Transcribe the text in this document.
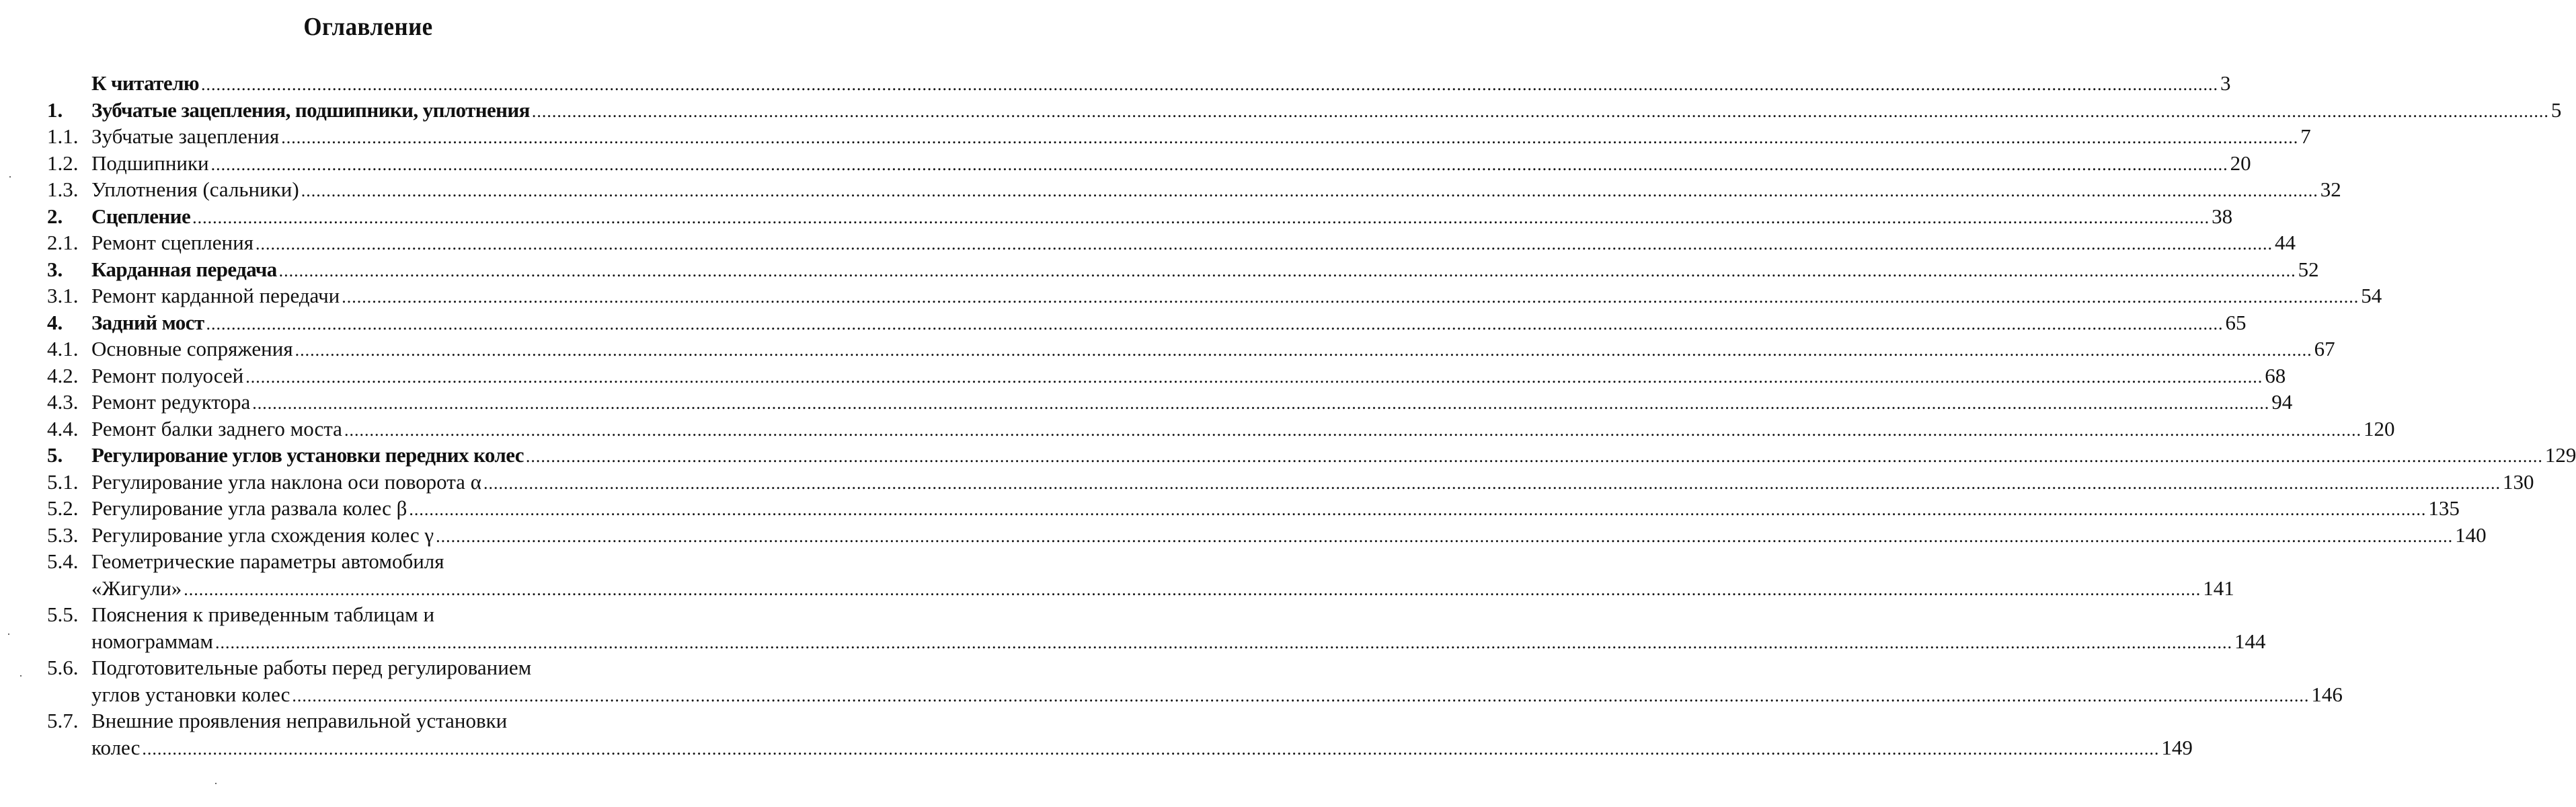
Оглавление
К читателю ................................................................................................................................................................................................................................................................................................................................................................................................................ 3
1.	Зубчатые зацепления, подшипники, уплотнения ................................................................................................................................................................................................................................................................................................................................................................................................................ 5
1.1. Зубчатые зацепления ................................................................................................................................................................................................................................................................................................................................................................................................................ 7
1.2. Подшипники ................................................................................................................................................................................................................................................................................................................................................................................................................ 20
1.3. Уплотнения (сальники) ................................................................................................................................................................................................................................................................................................................................................................................................................ 32
2.	Сцепление ................................................................................................................................................................................................................................................................................................................................................................................................................ 38
2.1. Ремонт сцепления ................................................................................................................................................................................................................................................................................................................................................................................................................ 44
3.	Карданная передача ................................................................................................................................................................................................................................................................................................................................................................................................................ 52
3.1. Ремонт карданной передачи ................................................................................................................................................................................................................................................................................................................................................................................................................ 54
4.	Задний мост ................................................................................................................................................................................................................................................................................................................................................................................................................ 65
4.1. Основные сопряжения ................................................................................................................................................................................................................................................................................................................................................................................................................ 67
4.2. Ремонт полуосей ................................................................................................................................................................................................................................................................................................................................................................................................................ 68
4.3. Ремонт редуктора ................................................................................................................................................................................................................................................................................................................................................................................................................ 94
4.4. Ремонт балки заднего моста ................................................................................................................................................................................................................................................................................................................................................................................................................ 120
5.	Регулирование углов установки передних колес ................................................................................................................................................................................................................................................................................................................................................................................................................ 129
5.1. Регулирование угла наклона оси поворота α ................................................................................................................................................................................................................................................................................................................................................................................................................ 130
5.2. Регулирование угла развала колес β ................................................................................................................................................................................................................................................................................................................................................................................................................ 135
5.3. Регулирование угла схождения колес γ ................................................................................................................................................................................................................................................................................................................................................................................................................ 140
5.4. Геометрические параметры автомобиля
«Жигули» ................................................................................................................................................................................................................................................................................................................................................................................................................ 141
5.5. Пояснения к приведенным таблицам и
номограммам ................................................................................................................................................................................................................................................................................................................................................................................................................ 144
5.6. Подготовительные работы перед регулированием
углов установки колес ................................................................................................................................................................................................................................................................................................................................................................................................................ 146
5.7. Внешние проявления неправильной установки
колес ................................................................................................................................................................................................................................................................................................................................................................................................................ 149
